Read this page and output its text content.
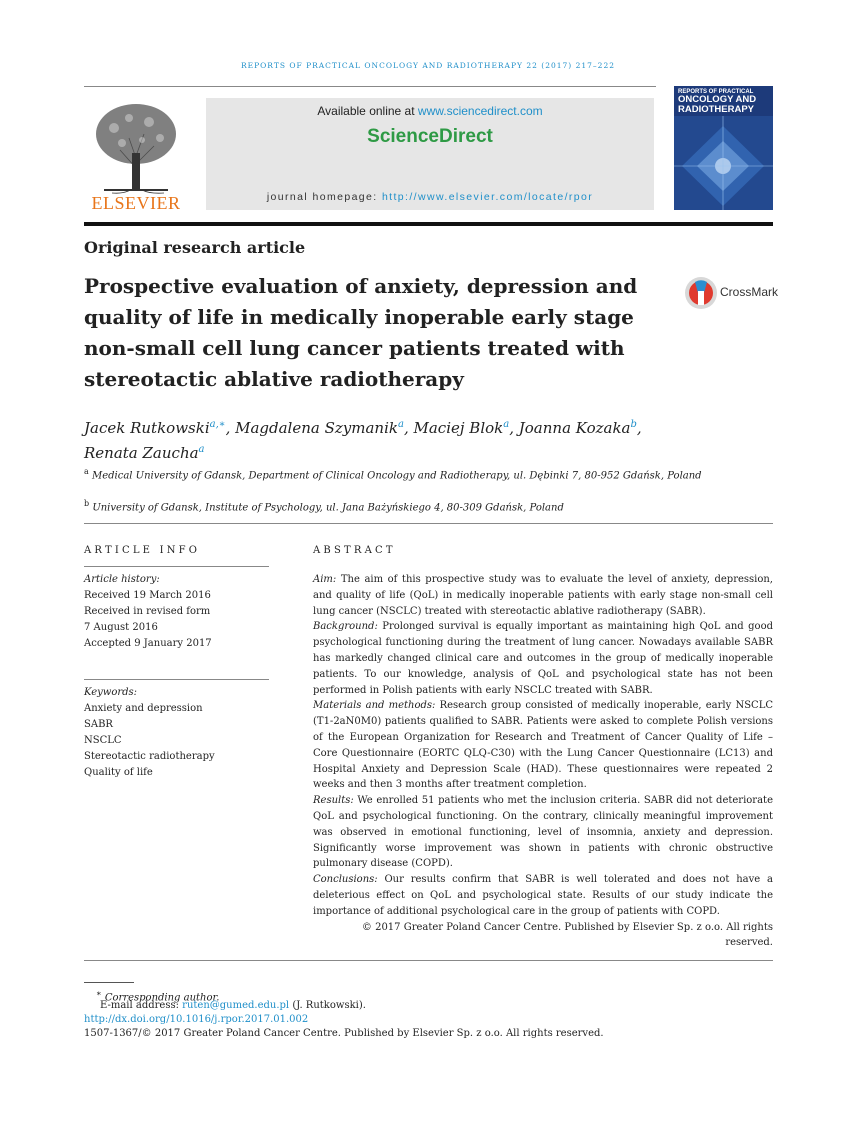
REPORTS OF PRACTICAL ONCOLOGY AND RADIOTHERAPY 22 (2017) 217–222
ELSEVIER
Available online at www.sciencedirect.com
ScienceDirect
journal homepage: http://www.elsevier.com/locate/rpor
REPORTS OF PRACTICAL
ONCOLOGY AND
RADIOTHERAPY
Original research article
Prospective evaluation of anxiety, depression and quality of life in medically inoperable early stage non-small cell lung cancer patients treated with stereotactic ablative radiotherapy
CrossMark
Jacek Rutkowski$^{a,∗}$, Magdalena Szymanik$^a$, Maciej Blok$^a$, Joanna Kozaka$^b$,
Renata Zaucha$^a$
$^a$ Medical University of Gdansk, Department of Clinical Oncology and Radiotherapy, ul. Dębinki 7, 80-952 Gdańsk, Poland
$^b$ University of Gdansk, Institute of Psychology, ul. Jana Bażyńskiego 4, 80-309 Gdańsk, Poland
ARTICLE INFO	ABSTRACT
Article history:
Received 19 March 2016
Received in revised form
7 August 2016
Accepted 9 January 2017
Keywords:
Anxiety and depression
SABR
NSCLC
Stereotactic radiotherapy
Quality of life

Aim: The aim of this prospective study was to evaluate the level of anxiety, depression, and quality of life (QoL) in medically inoperable patients with early stage non-small cell lung cancer (NSCLC) treated with stereotactic ablative radiotherapy (SABR).

Background: Prolonged survival is equally important as maintaining high QoL and good psychological functioning during the treatment of lung cancer. Nowadays available SABR has markedly changed clinical care and outcomes in the group of medically inoperable patients. To our knowledge, analysis of QoL and psychological state has not been performed in Polish patients with early NSCLC treated with SABR.

Materials and methods: Research group consisted of medically inoperable, early NSCLC (T1-2aN0M0) patients qualified to SABR. Patients were asked to complete Polish versions of the European Organization for Research and Treatment of Cancer Quality of Life – Core Questionnaire (EORTC QLQ-C30) with the Lung Cancer Questionnaire (LC13) and Hospital Anxiety and Depression Scale (HAD). These questionnaires were repeated 2 weeks and then 3 months after treatment completion.

Results: We enrolled 51 patients who met the inclusion criteria. SABR did not deteriorate QoL and psychological functioning. On the contrary, clinically meaningful improvement was observed in emotional functioning, level of insomnia, anxiety and depression. Significantly worse improvement was shown in patients with chronic obstructive pulmonary disease (COPD).

Conclusions: Our results confirm that SABR is well tolerated and does not have a deleterious effect on QoL and psychological state. Results of our study indicate the importance of additional psychological care in the group of patients with COPD.

© 2017 Greater Poland Cancer Centre. Published by Elsevier Sp. z o.o. All rights reserved.

∗ Corresponding author.
E-mail address: ruten@gumed.edu.pl (J. Rutkowski).
http://dx.doi.org/10.1016/j.rpor.2017.01.002
1507-1367/© 2017 Greater Poland Cancer Centre. Published by Elsevier Sp. z o.o. All rights reserved.
